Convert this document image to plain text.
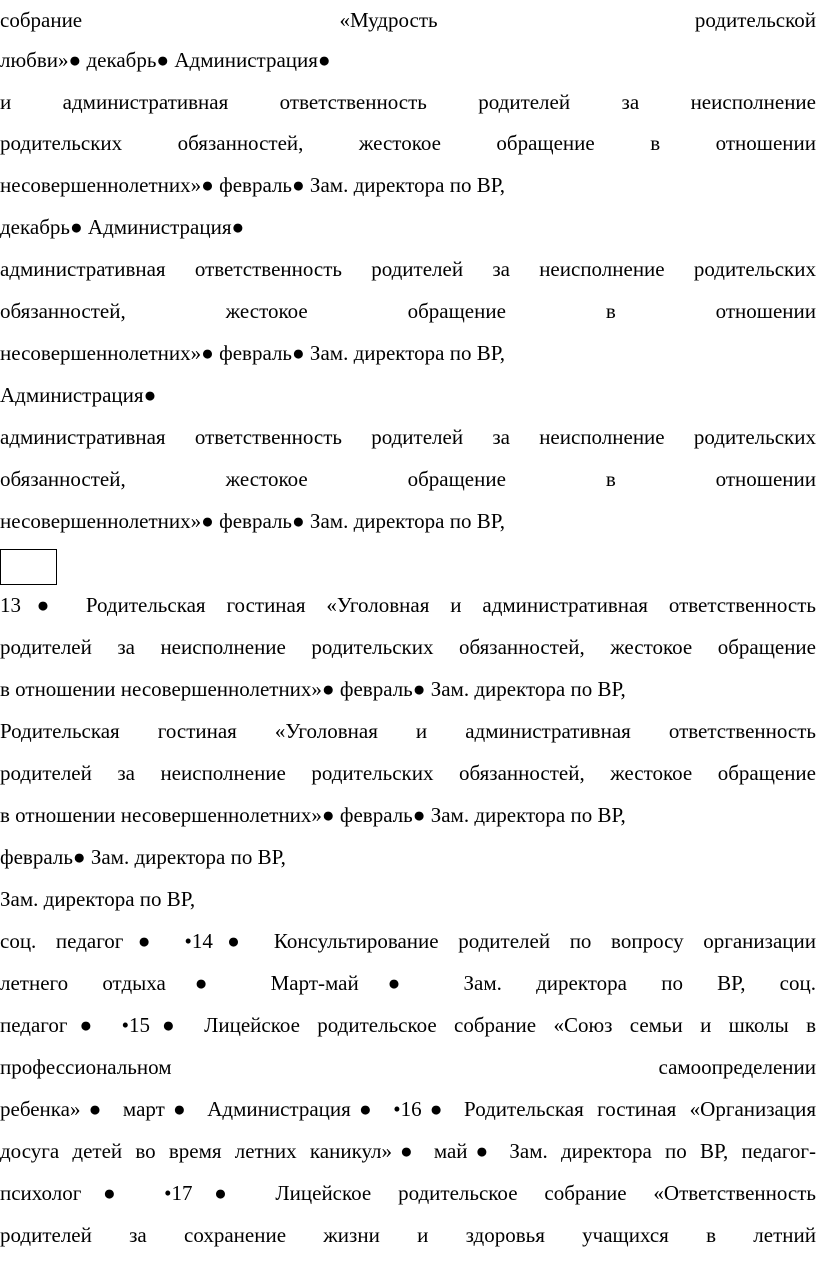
собрание «Мудрость родительской
любви»● декабрь● Администрация●
и административная ответственность родителей за неисполнение
родительских обязанностей, жестокое обращение в отношении
несовершеннолетних»● февраль● Зам. директора по ВР,
декабрь● Администрация●
административная ответственность родителей за неисполнение родительских
обязанностей, жестокое обращение в отношении
несовершеннолетних»● февраль● Зам. директора по ВР,
Администрация●
административная ответственность родителей за неисполнение родительских
обязанностей, жестокое обращение в отношении
несовершеннолетних»● февраль● Зам. директора по ВР,
13● Родительская гостиная «Уголовная и административная ответственность
родителей за неисполнение родительских обязанностей, жестокое обращение
в отношении несовершеннолетних»● февраль● Зам. директора по ВР,
Родительская гостиная «Уголовная и административная ответственность
родителей за неисполнение родительских обязанностей, жестокое обращение
в отношении несовершеннолетних»● февраль● Зам. директора по ВР,
февраль● Зам. директора по ВР,
Зам. директора по ВР,
соц. педагог● •14● Консультирование родителей по вопросу организации
летнего отдыха● Март-май● Зам. директора по ВР, соц.
педагог● •15● Лицейское родительское собрание «Союз семьи и школы в
профессиональном самоопределении
ребенка»● март● Администрация● •16● Родительская гостиная «Организация
досуга детей во время летних каникул»● май● Зам. директора по ВР, педагог-
психолог● •17● Лицейское родительское собрание «Ответственность
родителей за сохранение жизни и здоровья учащихся в летний
